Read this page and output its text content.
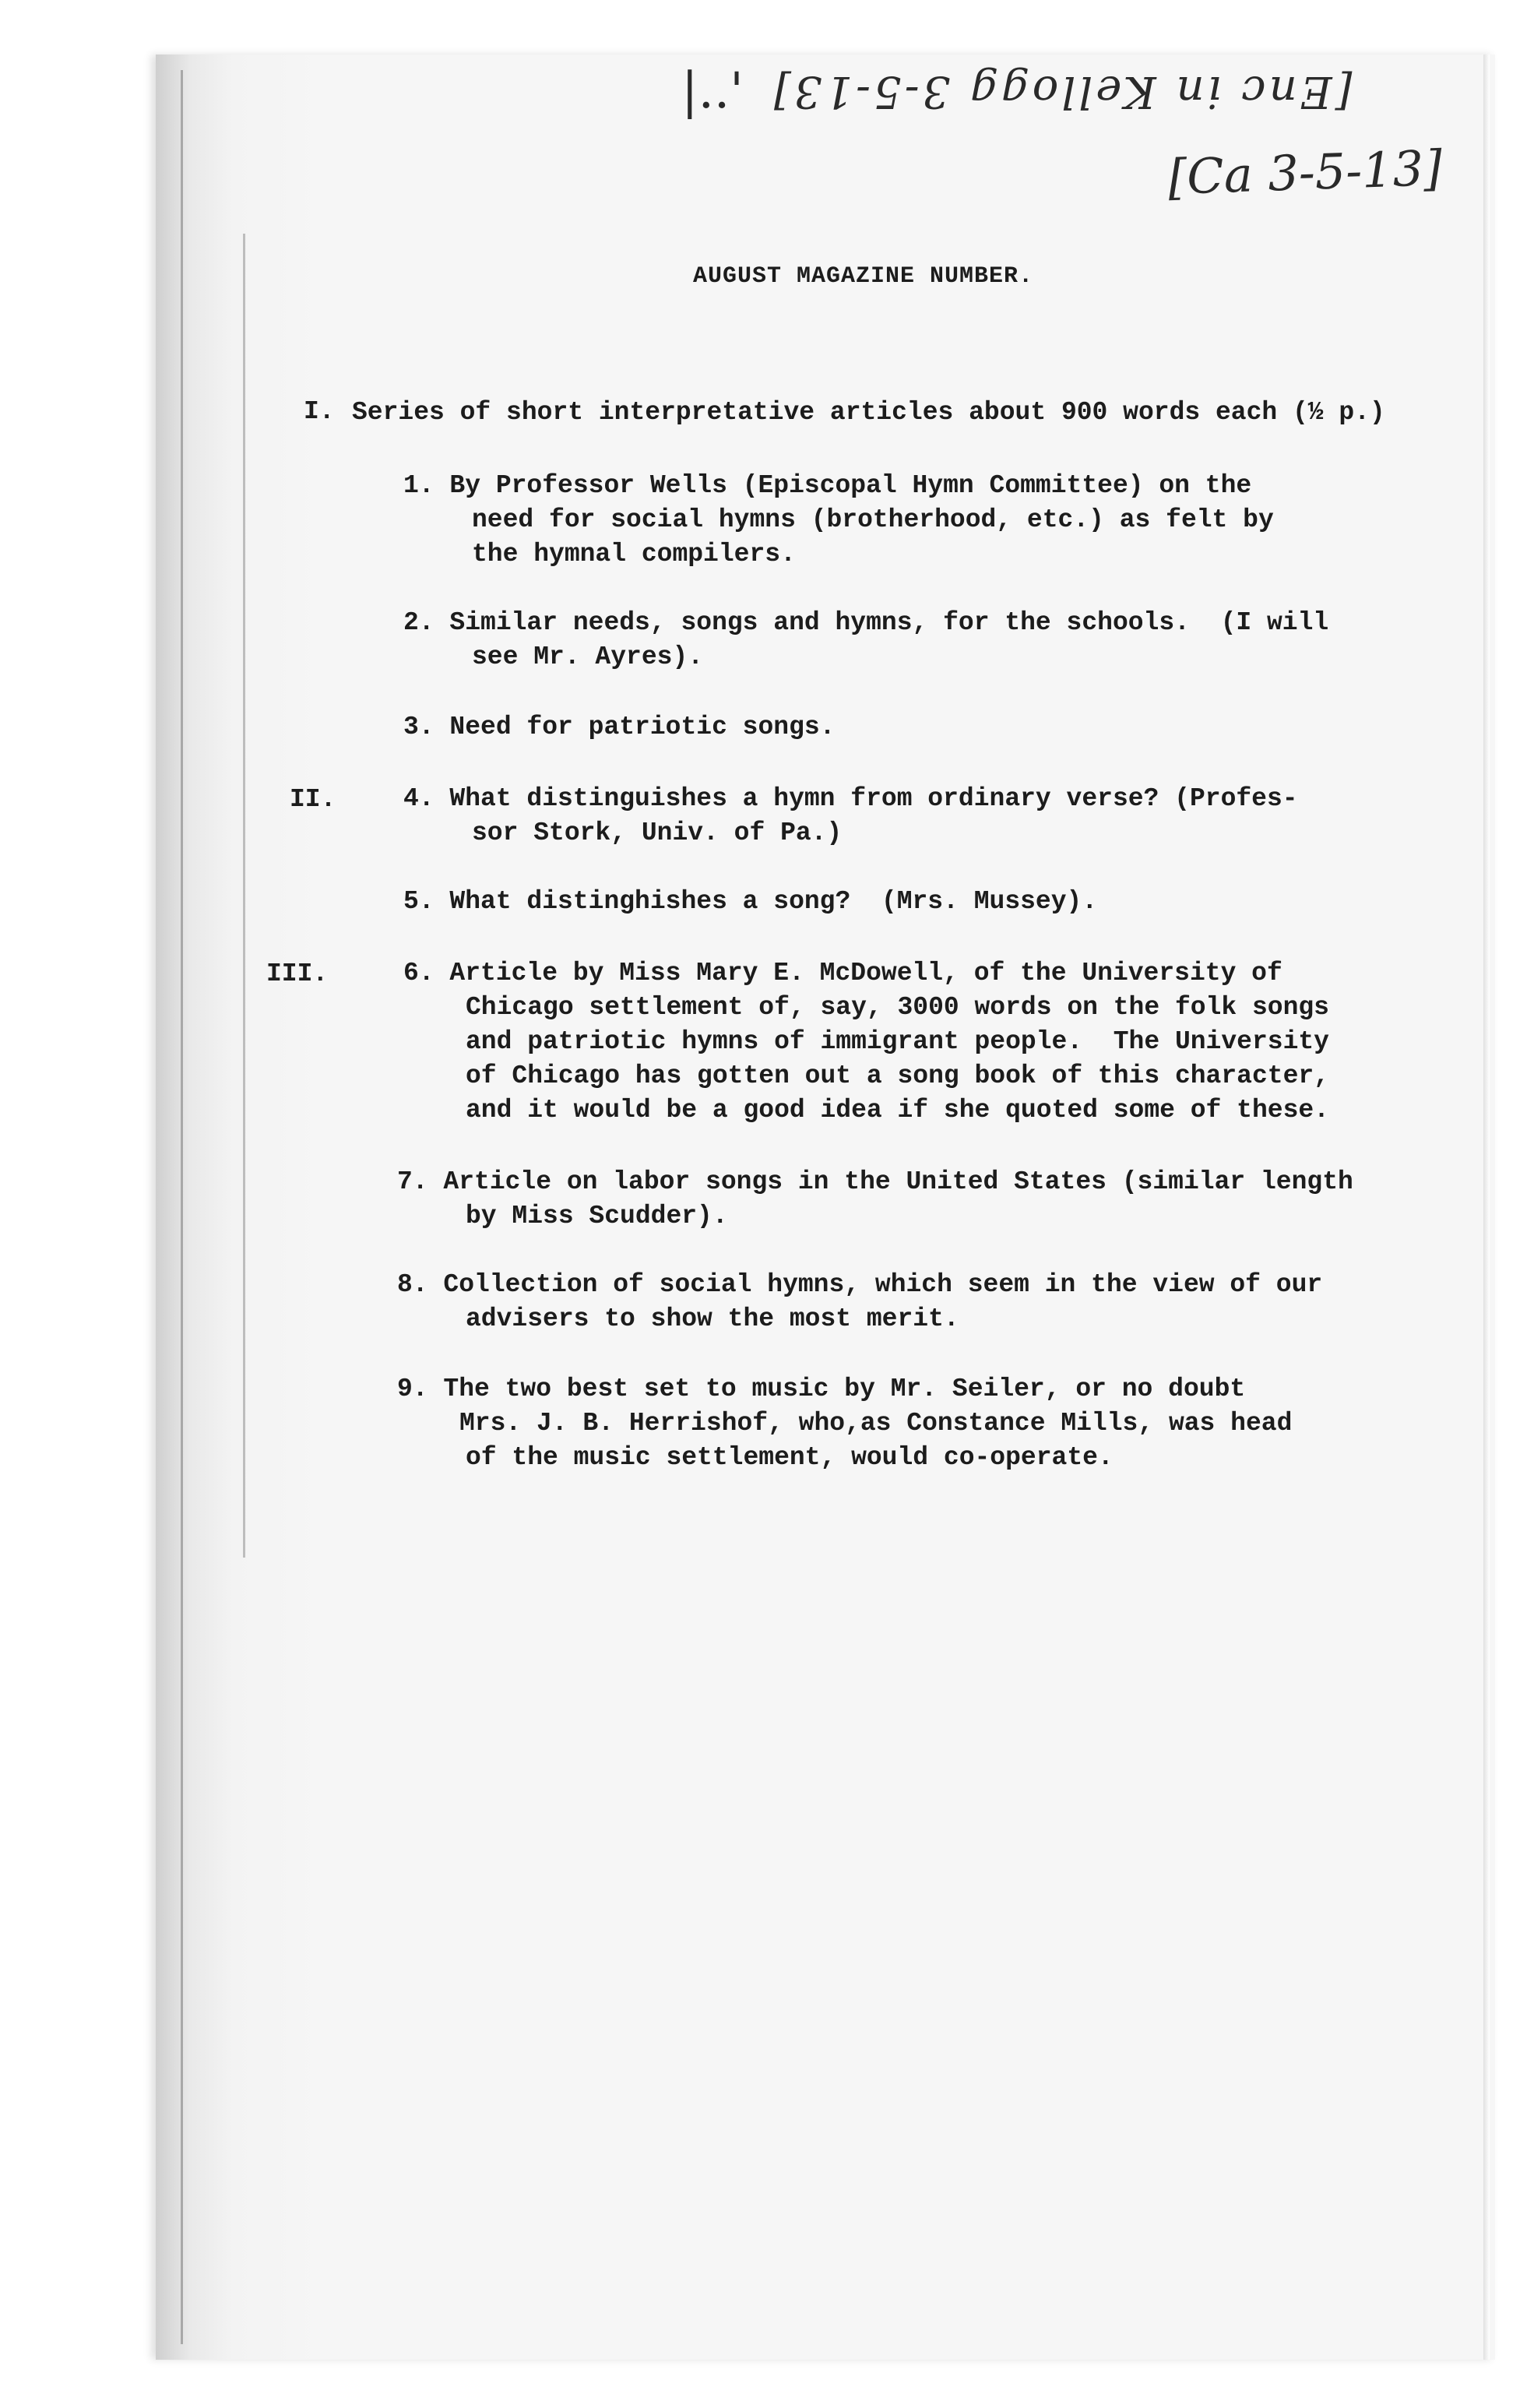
[Enc in Kellogg 3-5-13]
|..'
[Ca 3-5-13]
AUGUST MAGAZINE NUMBER.
I. Series of short interpretative articles about 900 words each (½ p.)
1. By Professor Wells (Episcopal Hymn Committee) on the
need for social hymns (brotherhood, etc.) as felt by
the hymnal compilers.
2. Similar needs, songs and hymns, for the schools.  (I will
see Mr. Ayres).
3. Need for patriotic songs.
II.	4. What distinguishes a hymn from ordinary verse? (Profes-
sor Stork, Univ. of Pa.)
5. What distinghishes a song?  (Mrs. Mussey).
III.	6. Article by Miss Mary E. McDowell, of the University of
Chicago settlement of, say, 3000 words on the folk songs
and patriotic hymns of immigrant people.  The University
of Chicago has gotten out a song book of this character,
and it would be a good idea if she quoted some of these.
7. Article on labor songs in the United States (similar length
by Miss Scudder).
8. Collection of social hymns, which seem in the view of our
advisers to show the most merit.
9. The two best set to music by Mr. Seiler, or no doubt
Mrs. J. B. Herrishof, who,as Constance Mills, was head
of the music settlement, would co-operate.
